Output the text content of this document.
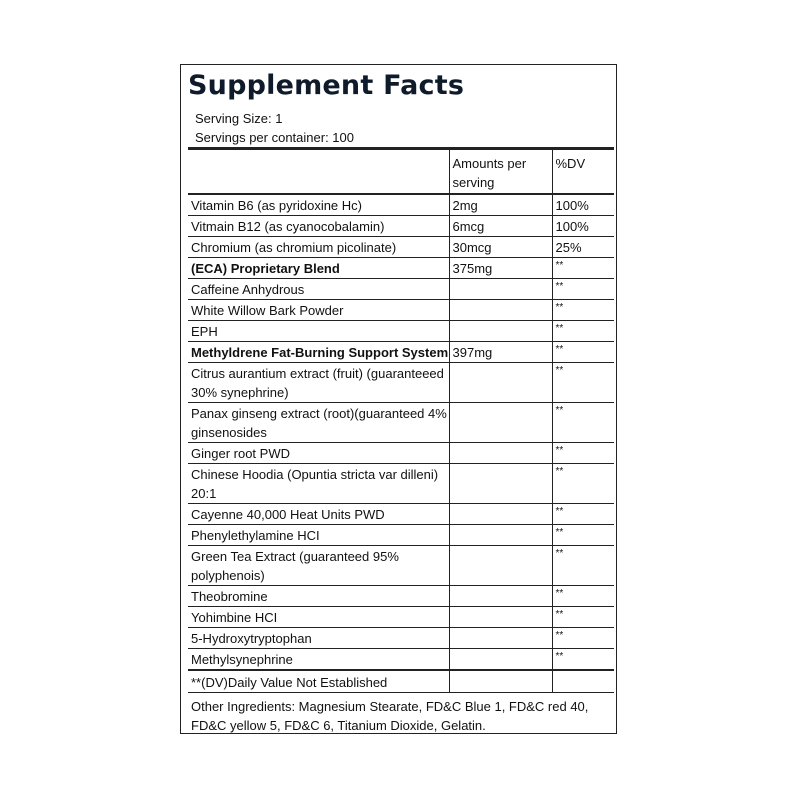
Supplement Facts
Serving Size: 1
Servings per container: 100
	Amounts per serving	%DV
Vitamin B6 (as pyridoxine Hc)	2mg	100%
Vitmain B12 (as cyanocobalamin)	6mcg	100%
Chromium (as chromium picolinate)	30mcg	25%
(ECA) Proprietary Blend	375mg	**
Caffeine Anhydrous		**
White Willow Bark Powder		**
EPH		**
Methyldrene Fat-Burning Support System	397mg	**
Citrus aurantium extract (fruit) (guaranteeed 30% synephrine)		**
Panax ginseng extract (root)(guaranteed 4% ginsenosides		**
Ginger root PWD		**
Chinese Hoodia (Opuntia stricta var dilleni) 20:1		**
Cayenne 40,000 Heat Units PWD		**
Phenylethylamine HCI		**
Green Tea Extract (guaranteed 95% polyphenois)		**
Theobromine		**
Yohimbine HCI		**
5-Hydroxytryptophan		**
Methylsynephrine		**
**(DV)Daily Value Not Established		
Other Ingredients: Magnesium Stearate, FD&C Blue 1, FD&C red 40, FD&C yellow 5, FD&C 6, Titanium Dioxide, Gelatin.
